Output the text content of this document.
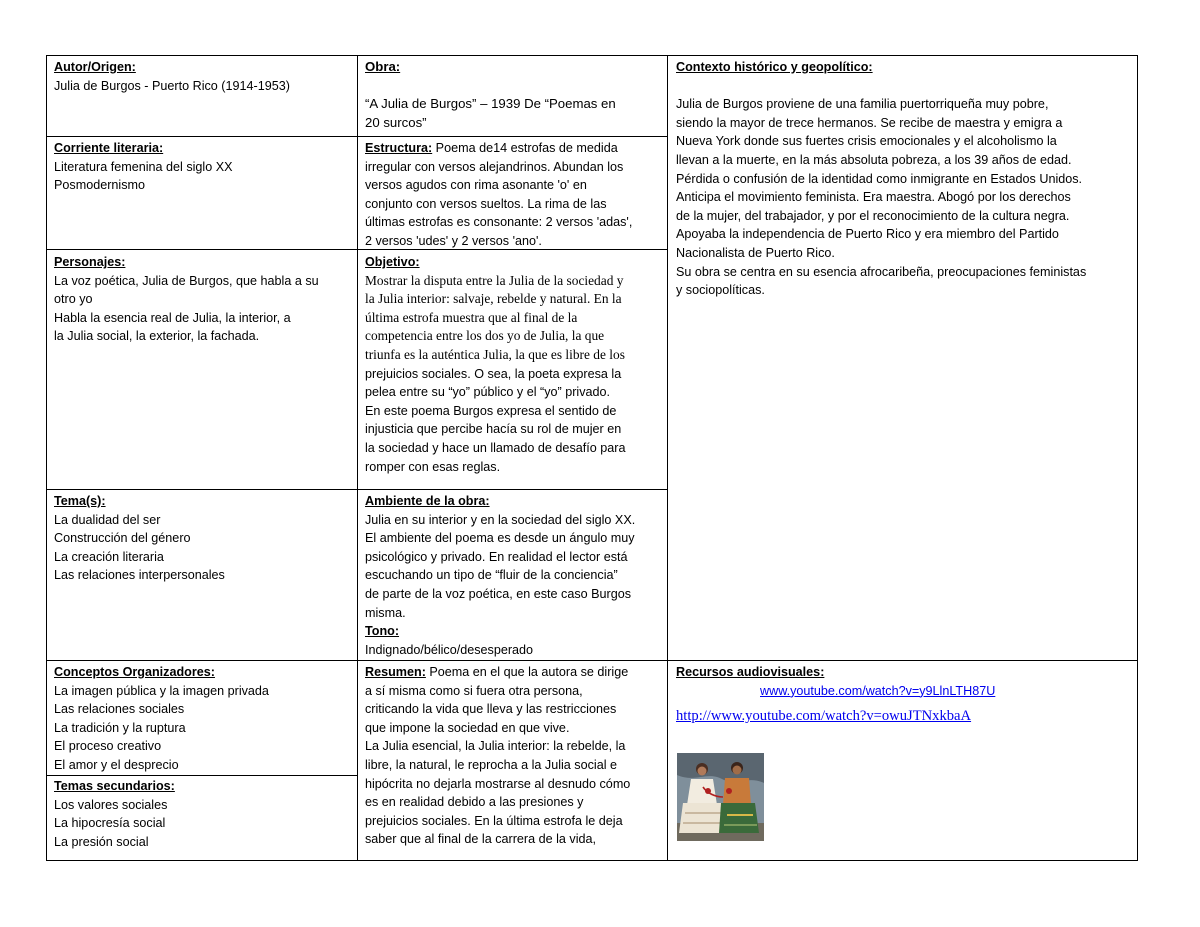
Autor/Origen:
Julia de Burgos - Puerto Rico (1914-1953)
Obra:
“A Julia de Burgos” – 1939 De “Poemas en
20 surcos”
Contexto histórico y geopolítico:
Julia de Burgos proviene de una familia puertorriqueña muy pobre,
siendo la mayor de trece hermanos. Se recibe de maestra y emigra a
Nueva York donde sus fuertes crisis emocionales y el alcoholismo la
llevan a la muerte, en la más absoluta pobreza, a los 39 años de edad.
Pérdida o confusión de la identidad como inmigrante en Estados Unidos.
Anticipa el movimiento feminista. Era maestra. Abogó por los derechos
de la mujer, del trabajador, y por el reconocimiento de la cultura negra.
Apoyaba la independencia de Puerto Rico y era miembro del Partido
Nacionalista de Puerto Rico.
Su obra se centra en su esencia afrocaribeña, preocupaciones feministas
y sociopolíticas.
Corriente literaria:
Literatura femenina del siglo XX
Posmodernismo
Estructura: Poema de14 estrofas de medida
irregular con versos alejandrinos. Abundan los
versos agudos con rima asonante 'o' en
conjunto con versos sueltos. La rima de las
últimas estrofas es consonante: 2 versos 'adas',
2 versos 'udes' y 2 versos 'ano'.
Personajes:
La voz poética, Julia de Burgos, que habla a su
otro yo
Habla la esencia real de Julia, la interior, a
la Julia social, la exterior, la fachada.
Objetivo:
Mostrar la disputa entre la Julia de la sociedad y
la Julia interior: salvaje, rebelde y natural. En la
última estrofa muestra que al final de la
competencia entre los dos yo de Julia, la que
triunfa es la auténtica Julia, la que es libre de los
prejuicios sociales. O sea, la poeta expresa la
pelea entre su “yo” público y el “yo” privado.
En este poema Burgos expresa el sentido de
injusticia que percibe hacía su rol de mujer en
la sociedad y hace un llamado de desafío para
romper con esas reglas.
Tema(s):
La dualidad del ser
Construcción del género
La creación literaria
Las relaciones interpersonales
Ambiente de la obra:
Julia en su interior y en la sociedad del siglo XX.
El ambiente del poema es desde un ángulo muy
psicológico y privado. En realidad el lector está
escuchando un tipo de “fluir de la conciencia”
de parte de la voz poética, en este caso Burgos
misma.
Tono:
Indignado/bélico/desesperado
Conceptos Organizadores:
La imagen pública y la imagen privada
Las relaciones sociales
La tradición y la ruptura
El proceso creativo
El amor y el desprecio
Temas secundarios:
Los valores sociales
La hipocresía social
La presión social
Resumen: Poema en el que la autora se dirige
a sí misma como si fuera otra persona,
criticando la vida que lleva y las restricciones
que impone la sociedad en que vive.
La Julia esencial, la Julia interior: la rebelde, la
libre, la natural, le reprocha a la Julia social e
hipócrita no dejarla mostrarse al desnudo cómo
es en realidad debido a las presiones y
prejuicios sociales. En la última estrofa le deja
saber que al final de la carrera de la vida,
Recursos audiovisuales:
www.youtube.com/watch?v=y9LlnLTH87U
http://www.youtube.com/watch?v=owuJTNxkbaA
